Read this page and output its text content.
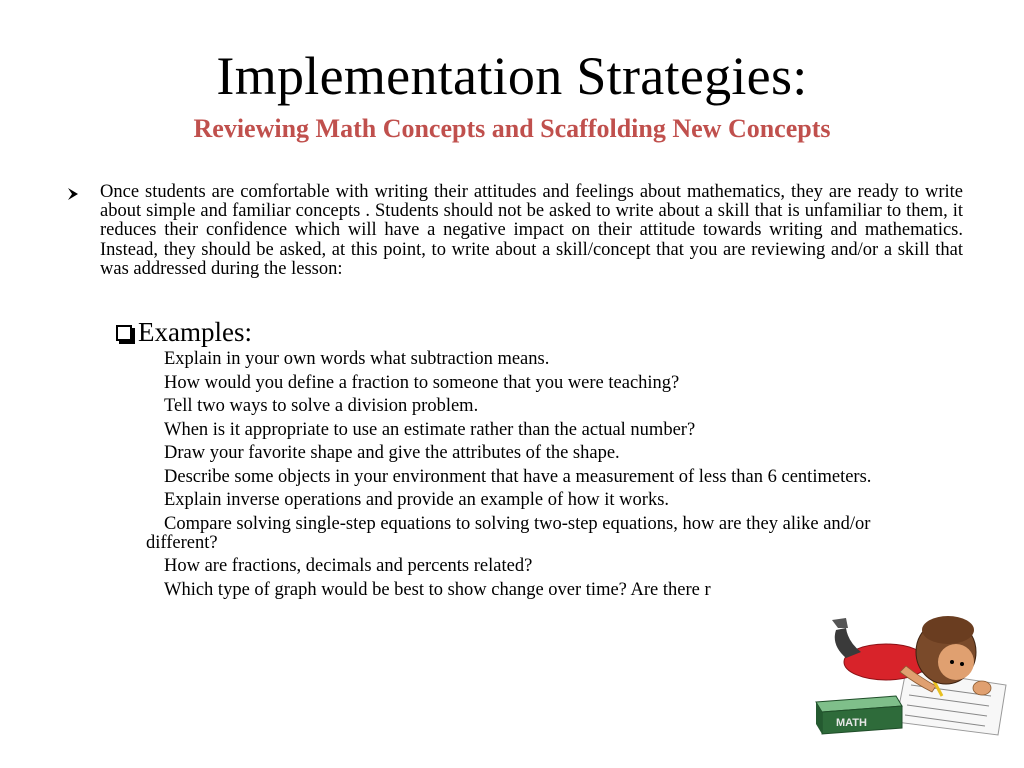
Implementation Strategies:
Reviewing Math Concepts and Scaffolding New Concepts
Once students are comfortable with writing their attitudes and feelings about mathematics, they are ready to write about simple and familiar concepts . Students should not be asked to write about a skill that is unfamiliar to them, it reduces their confidence which will have a negative impact on their attitude towards writing and mathematics. Instead, they should be asked, at this point, to write about a skill/concept that you are reviewing and/or a skill that was addressed during the lesson:
Examples:
Explain in your own words what subtraction means.
How would you define a fraction to someone that you were teaching?
Tell two ways to solve a division problem.
When is it appropriate to use an estimate rather than the actual number?
Draw your favorite shape and give the attributes of the shape.
Describe some objects in your environment that have a measurement of less than 6 centimeters.
Explain inverse operations and provide an example of how it works.
Compare solving single-step equations to solving two-step equations, how are they alike and/or           different?
How are fractions, decimals and percents related?
Which type of graph would be best to show change over time? Are there r
MATH
